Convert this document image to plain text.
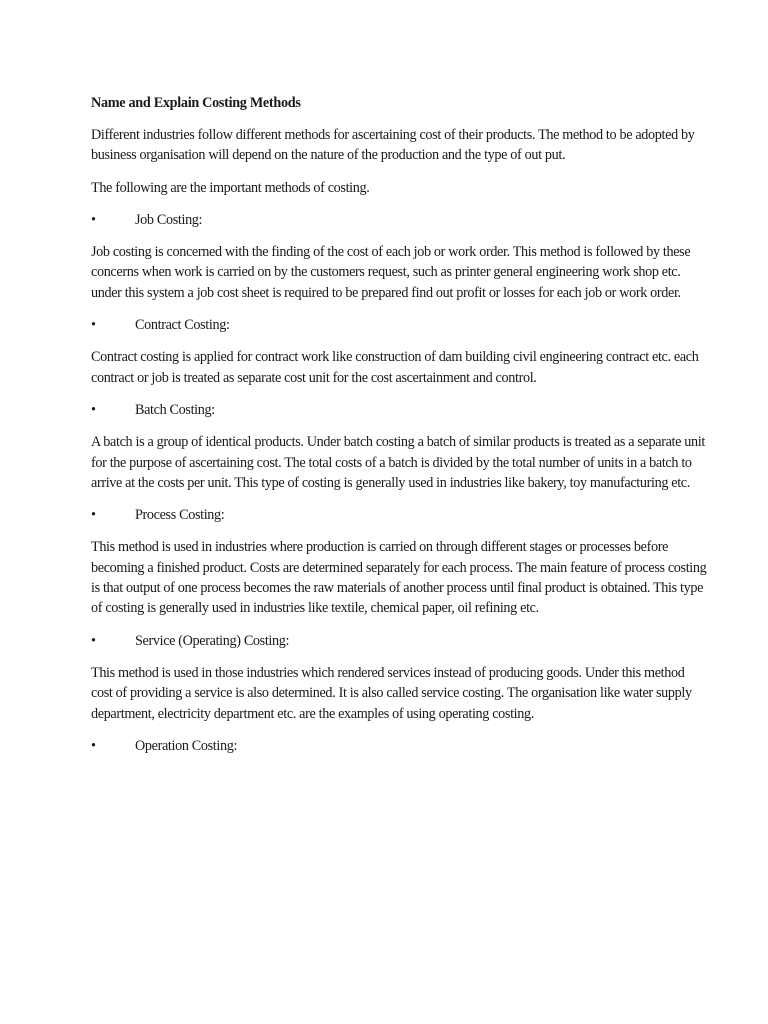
Name and Explain Costing Methods

Different industries follow different methods for ascertaining cost of their products. The method to be adopted by business organisation will depend on the nature of the production and the type of out put.

The following are the important methods of costing.

•	Job Costing:

Job costing is concerned with the finding of the cost of each job or work order. This method is followed by these concerns when work is carried on by the customers request, such as printer general engineering work shop etc. under this system a job cost sheet is required to be prepared find out profit or losses for each job or work order.

•	Contract Costing:

Contract costing is applied for contract work like construction of dam building civil engineering contract etc. each contract or job is treated as separate cost unit for the cost ascertainment and control.

•	Batch Costing:

A batch is a group of identical products. Under batch costing a batch of similar products is treated as a separate unit for the purpose of ascertaining cost. The total costs of a batch is divided by the total number of units in a batch to arrive at the costs per unit. This type of costing is generally used in industries like bakery, toy manufacturing etc.

•	Process Costing:

This method is used in industries where production is carried on through different stages or processes before becoming a finished product. Costs are determined separately for each process. The main feature of process costing is that output of one process becomes the raw materials of another process until final product is obtained. This type of costing is generally used in industries like textile, chemical paper, oil refining etc.

•	Service (Operating) Costing:

This method is used in those industries which rendered services instead of producing goods. Under this method cost of providing a service is also determined. It is also called service costing. The organisation like water supply department, electricity department etc. are the examples of using operating costing.

•	Operation Costing:
